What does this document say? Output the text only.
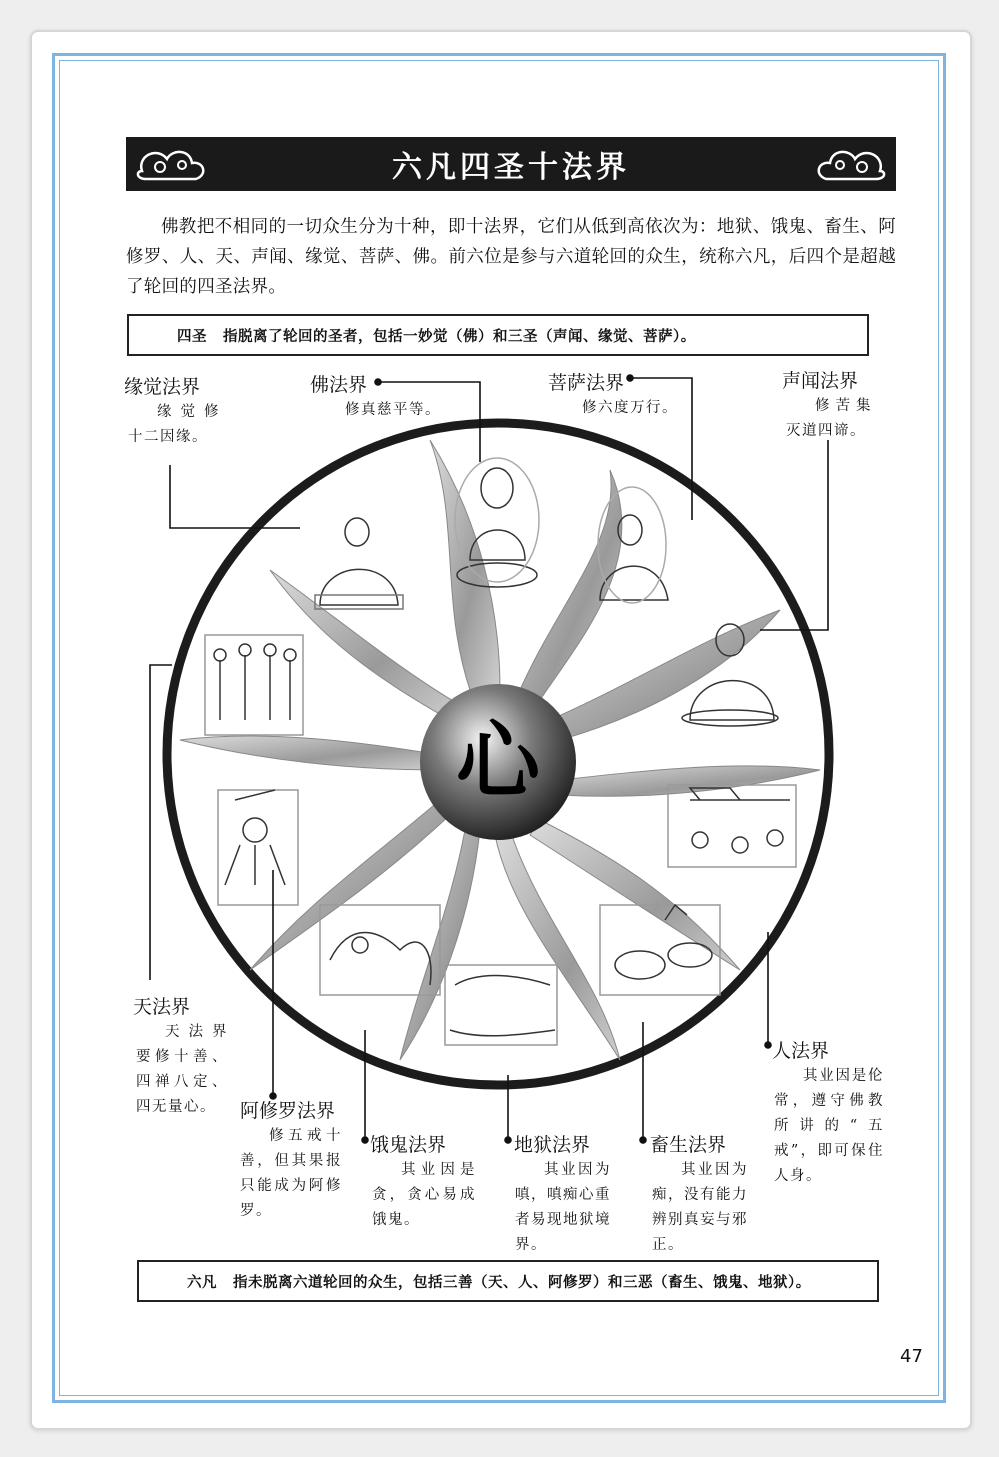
六凡四圣十法界
佛教把不相同的一切众生分为十种，即十法界，它们从低到高依次为：地狱、饿鬼、畜生、阿修罗、人、天、声闻、缘觉、菩萨、佛。前六位是参与六道轮回的众生，统称六凡，后四个是超越了轮回的四圣法界。
四圣 指脱离了轮回的圣者，包括一妙觉（佛）和三圣（声闻、缘觉、菩萨）。
心
缘觉法界
缘觉修十二因缘。
佛法界
修真慈平等。
菩萨法界
修六度万行。
声闻法界
修苦集灭道四谛。
天法界
天法界要修十善、四禅八定、四无量心。
人法界
其业因是伦常，遵守佛教所讲的“五戒”，即可保住人身。
阿修罗法界
修五戒十善，但其果报只能成为阿修罗。
饿鬼法界
其业因是贪，贪心易成饿鬼。
地狱法界
其业因为嗔，嗔痴心重者易现地狱境界。
畜生法界
其业因为痴，没有能力辨别真妄与邪正。
六凡 指未脱离六道轮回的众生，包括三善（天、人、阿修罗）和三恶（畜生、饿鬼、地狱）。
47
